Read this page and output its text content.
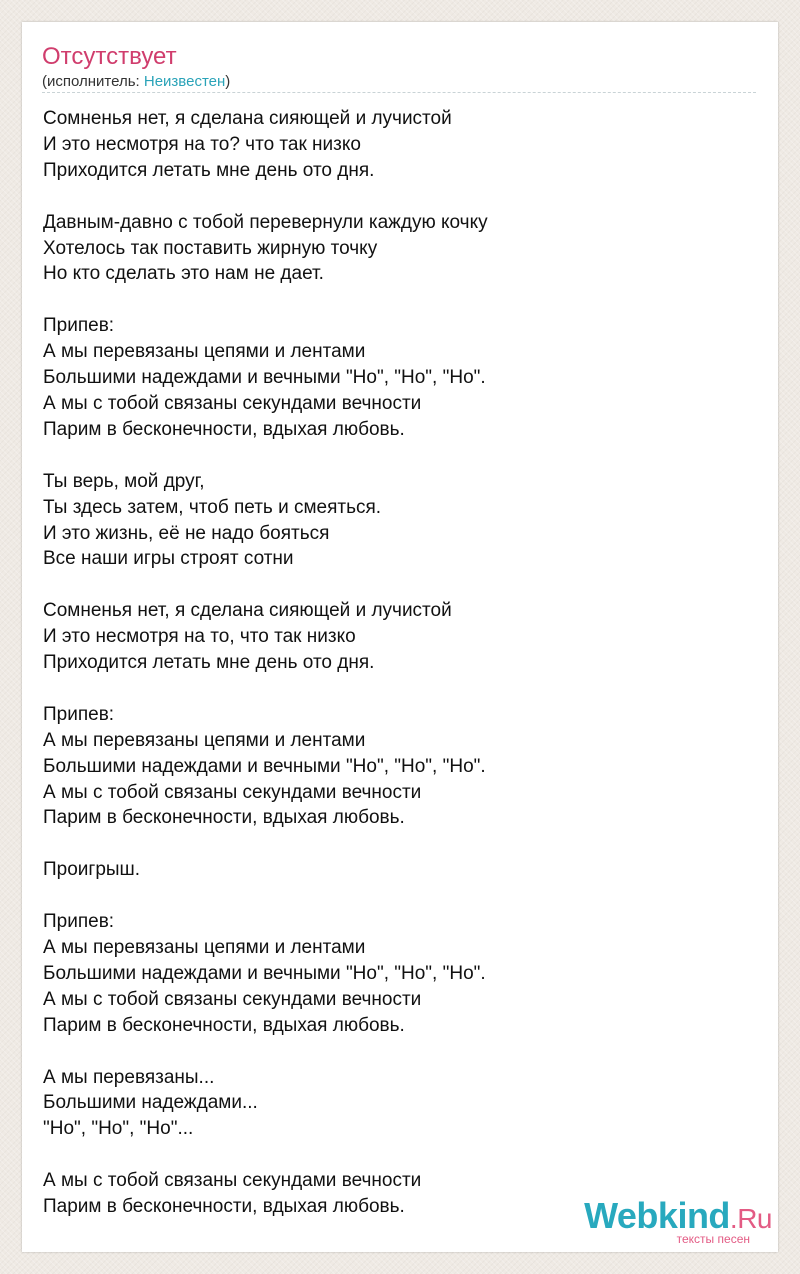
Отсутствует
(исполнитель: Неизвестен)
Сомненья нет, я сделана сияющей и лучистой
И это несмотря на то? что так низко
Приходится летать мне день ото дня.

Давным-давно с тобой перевернули каждую кочку
Хотелось так поставить жирную точку
Но кто сделать это нам не дает.

Припев:
А мы перевязаны цепями и лентами
Большими надеждами и вечными "Но", "Но", "Но".
А мы с тобой связаны секундами вечности
Парим в бесконечности, вдыхая любовь.

Ты верь, мой друг,
Ты здесь затем, чтоб петь и смеяться.
И это жизнь, её не надо бояться
Все наши игры строят сотни

Сомненья нет, я сделана сияющей и лучистой
И это несмотря на то, что так низко
Приходится летать мне день ото дня.

Припев:
А мы перевязаны цепями и лентами
Большими надеждами и вечными "Но", "Но", "Но".
А мы с тобой связаны секундами вечности
Парим в бесконечности, вдыхая любовь.

Проигрыш.

Припев:
А мы перевязаны цепями и лентами
Большими надеждами и вечными "Но", "Но", "Но".
А мы с тобой связаны секундами вечности
Парим в бесконечности, вдыхая любовь.

А мы перевязаны...
Большими надеждами...
"Но", "Но", "Но"...

А мы с тобой связаны секундами вечности
Парим в бесконечности, вдыхая любовь.	Webkind.Ru
тексты песен
